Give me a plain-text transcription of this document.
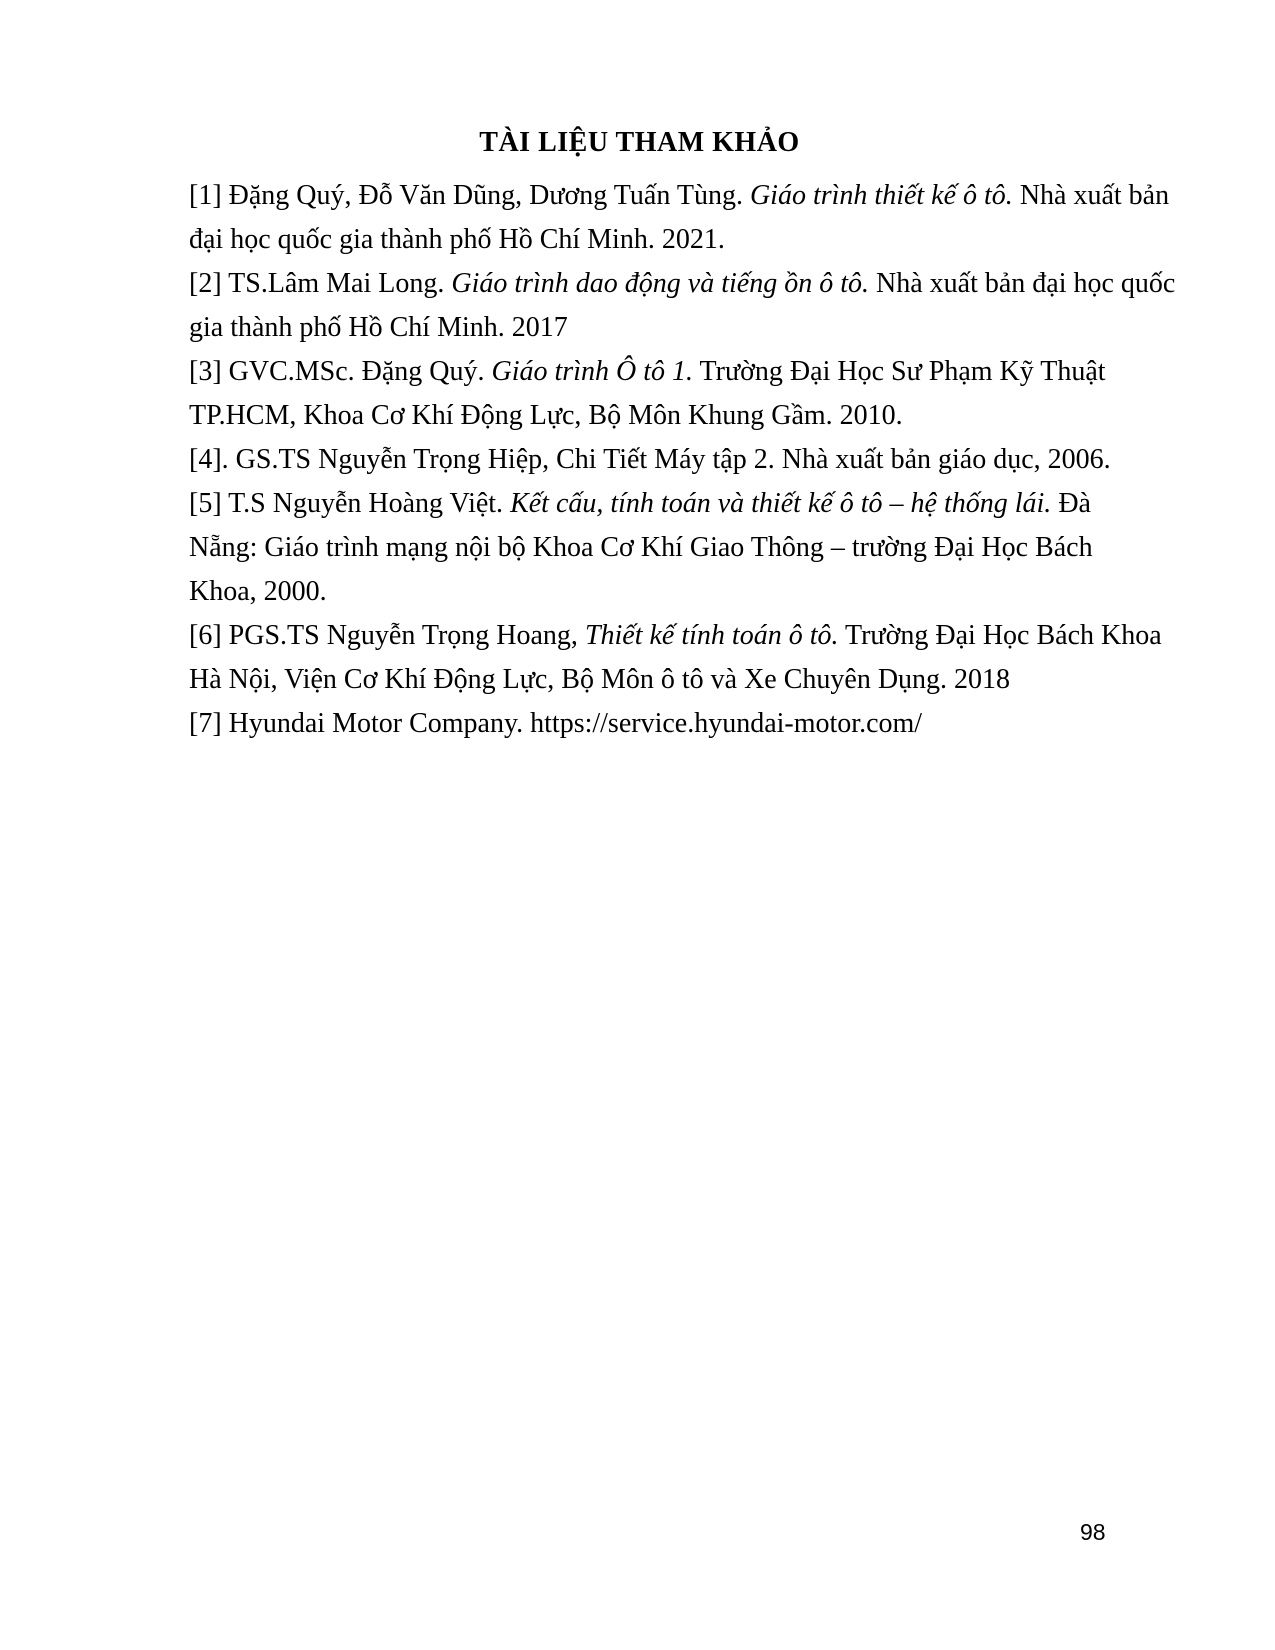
TÀI LIỆU THAM KHẢO
[1] Đặng Quý, Đỗ Văn Dũng, Dương Tuấn Tùng. Giáo trình thiết kế ô tô. Nhà xuất bản
đại học quốc gia thành phố Hồ Chí Minh. 2021.
[2] TS.Lâm Mai Long. Giáo trình dao động và tiếng ồn ô tô. Nhà xuất bản đại học quốc
gia thành phố Hồ Chí Minh. 2017
[3] GVC.MSc. Đặng Quý. Giáo trình Ô tô 1. Trường Đại Học Sư Phạm Kỹ Thuật
TP.HCM, Khoa Cơ Khí Động Lực, Bộ Môn Khung Gầm. 2010.
[4]. GS.TS Nguyễn Trọng Hiệp, Chi Tiết Máy tập 2. Nhà xuất bản giáo dục, 2006.
[5] T.S Nguyễn Hoàng Việt. Kết cấu, tính toán và thiết kế ô tô – hệ thống lái. Đà
Nẵng: Giáo trình mạng nội bộ Khoa Cơ Khí Giao Thông – trường Đại Học Bách
Khoa, 2000.
[6] PGS.TS Nguyễn Trọng Hoang, Thiết kế tính toán ô tô. Trường Đại Học Bách Khoa
Hà Nội, Viện Cơ Khí Động Lực, Bộ Môn ô tô và Xe Chuyên Dụng. 2018
[7] Hyundai Motor Company. https://service.hyundai-motor.com/
98
